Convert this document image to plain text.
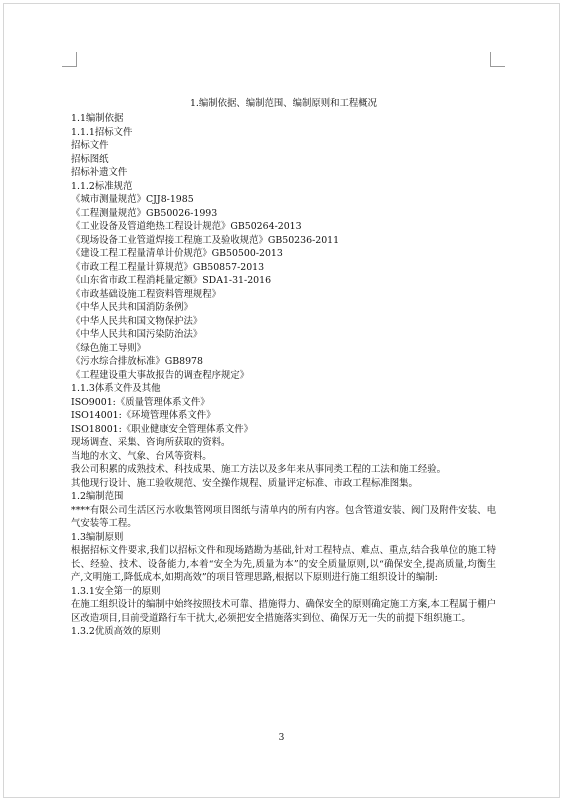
1.编制依据、编制范围、编制原则和工程概况
1.1编制依据
1.1.1招标文件
招标文件
招标图纸
招标补遗文件
1.1.2标准规范
《城市测量规范》CJJ8-1985
《工程测量规范》GB50026-1993
《工业设备及管道绝热工程设计规范》GB50264-2013
《现场设备工业管道焊接工程施工及验收规范》GB50236-2011
《建设工程工程量清单计价规范》GB50500-2013
《市政工程工程量计算规范》GB50857-2013
《山东省市政工程消耗量定额》SDA1-31-2016
《市政基础设施工程资料管理规程》
《中华人民共和国消防条例》
《中华人民共和国文物保护法》
《中华人民共和国污染防治法》
《绿色施工导则》
《污水综合排放标准》GB8978
《工程建设重大事故报告的调查程序规定》
1.1.3体系文件及其他
ISO9001:《质量管理体系文件》
ISO14001:《环境管理体系文件》
ISO18001:《职业健康安全管理体系文件》
现场调查、采集、咨询所获取的资料。
当地的水文、气象、台风等资料。
我公司积累的成熟技术、科技成果、施工方法以及多年来从事同类工程的工法和施工经验。
其他现行设计、施工验收规范、安全操作规程、质量评定标准、市政工程标准图集。
1.2编制范围
****有限公司生活区污水收集管网项目图纸与清单内的所有内容。包含管道安装、阀门及附件安装、电气安装等工程。
1.3编制原则
根据招标文件要求,我们以招标文件和现场踏勘为基础,针对工程特点、难点、重点,结合我单位的施工特长、经验、技术、设备能力,本着“安全为先,质量为本”的安全质量原则,以“确保安全,提高质量,均衡生产,文明施工,降低成本,如期高效”的项目管理思路,根据以下原则进行施工组织设计的编制:
1.3.1安全第一的原则
在施工组织设计的编制中始终按照技术可靠、措施得力、确保安全的原则确定施工方案,本工程属于棚户区改造项目,目前受道路行车干扰大,必须把安全措施落实到位、确保万无一失的前提下组织施工。
1.3.2优质高效的原则
3
